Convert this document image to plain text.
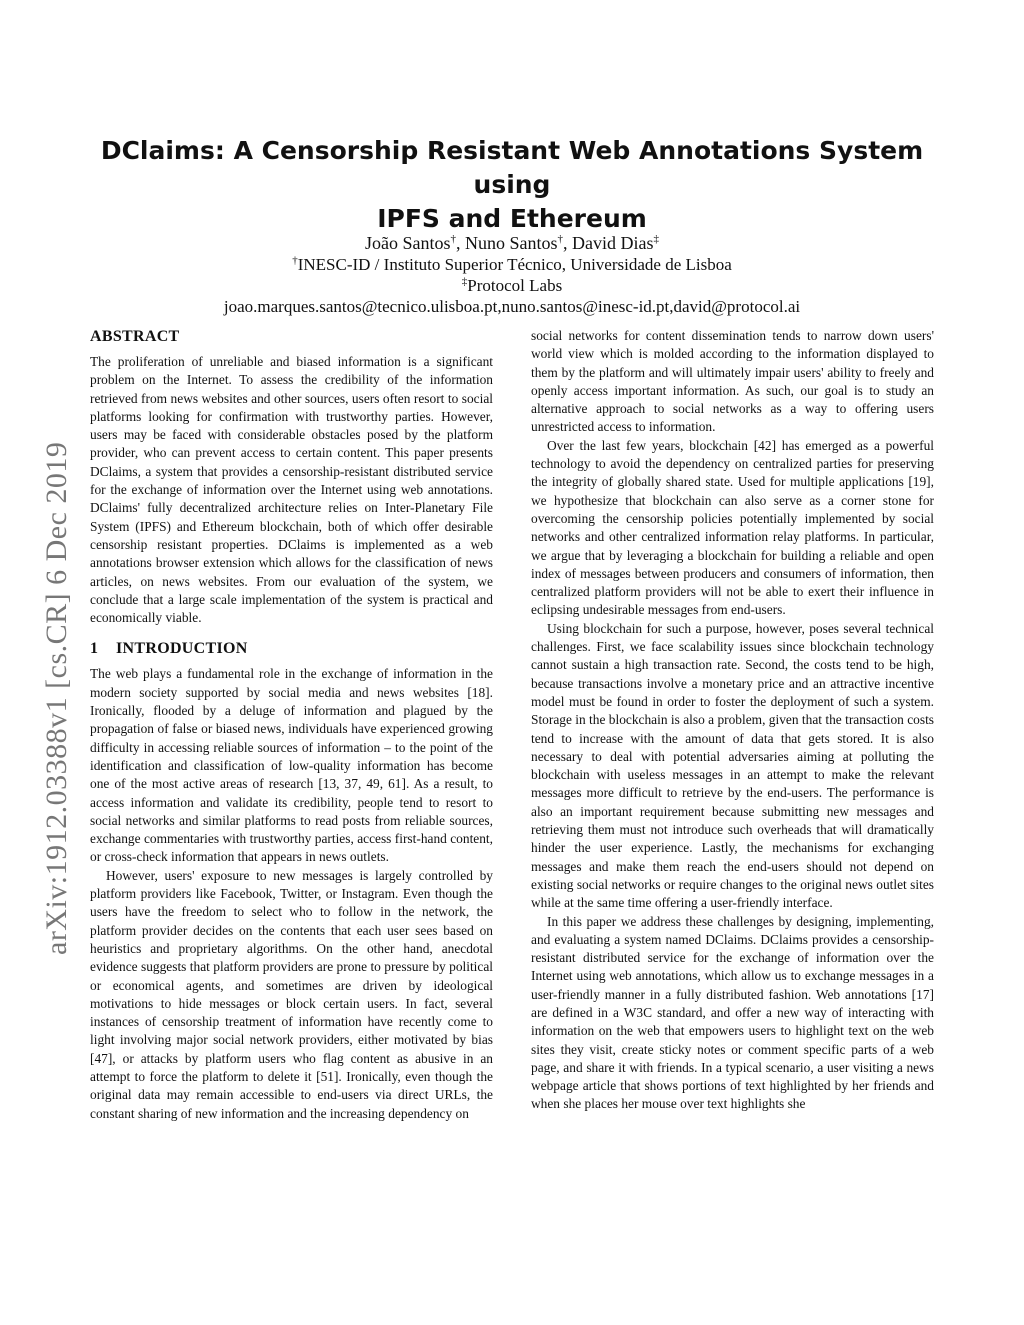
arXiv:1912.03388v1 [cs.CR] 6 Dec 2019
DClaims: A Censorship Resistant Web Annotations System using
IPFS and Ethereum
João Santos†, Nuno Santos†, David Dias‡
†INESC-ID / Instituto Superior Técnico, Universidade de Lisboa
‡Protocol Labs
joao.marques.santos@tecnico.ulisboa.pt,nuno.santos@inesc-id.pt,david@protocol.ai
ABSTRACT

The proliferation of unreliable and biased information is a significant problem on the Internet. To assess the credibility of the information retrieved from news websites and other sources, users often resort to social platforms looking for confirmation with trustworthy parties. However, users may be faced with considerable obstacles posed by the platform provider, who can prevent access to certain content. This paper presents DClaims, a system that provides a censorship-resistant distributed service for the exchange of information over the Internet using web annotations. DClaims' fully decentralized architecture relies on Inter-Planetary File System (IPFS) and Ethereum blockchain, both of which offer desirable censorship resistant properties. DClaims is implemented as a web annotations browser extension which allows for the classification of news articles, on news websites. From our evaluation of the system, we conclude that a large scale implementation of the system is practical and economically viable.

1 INTRODUCTION

The web plays a fundamental role in the exchange of information in the modern society supported by social media and news websites [18]. Ironically, flooded by a deluge of information and plagued by the propagation of false or biased news, individuals have experienced growing difficulty in accessing reliable sources of information – to the point of the identification and classification of low-quality information has become one of the most active areas of research [13, 37, 49, 61]. As a result, to access information and validate its credibility, people tend to resort to social networks and similar platforms to read posts from reliable sources, exchange commentaries with trustworthy parties, access first-hand content, or cross-check information that appears in news outlets.

However, users' exposure to new messages is largely controlled by platform providers like Facebook, Twitter, or Instagram. Even though the users have the freedom to select who to follow in the network, the platform provider decides on the contents that each user sees based on heuristics and proprietary algorithms. On the other hand, anecdotal evidence suggests that platform providers are prone to pressure by political or economical agents, and sometimes are driven by ideological motivations to hide messages or block certain users. In fact, several instances of censorship treatment of information have recently come to light involving major social network providers, either motivated by bias [47], or attacks by platform users who flag content as abusive in an attempt to force the platform to delete it [51]. Ironically, even though the original data may remain accessible to end-users via direct URLs, the constant sharing of new information and the increasing dependency on

social networks for content dissemination tends to narrow down users' world view which is molded according to the information displayed to them by the platform and will ultimately impair users' ability to freely and openly access important information. As such, our goal is to study an alternative approach to social networks as a way to offering users unrestricted access to information.

Over the last few years, blockchain [42] has emerged as a powerful technology to avoid the dependency on centralized parties for preserving the integrity of globally shared state. Used for multiple applications [19], we hypothesize that blockchain can also serve as a corner stone for overcoming the censorship policies potentially implemented by social networks and other centralized information relay platforms. In particular, we argue that by leveraging a blockchain for building a reliable and open index of messages between producers and consumers of information, then centralized platform providers will not be able to exert their influence in eclipsing undesirable messages from end-users.

Using blockchain for such a purpose, however, poses several technical challenges. First, we face scalability issues since blockchain technology cannot sustain a high transaction rate. Second, the costs tend to be high, because transactions involve a monetary price and an attractive incentive model must be found in order to foster the deployment of such a system. Storage in the blockchain is also a problem, given that the transaction costs tend to increase with the amount of data that gets stored. It is also necessary to deal with potential adversaries aiming at polluting the blockchain with useless messages in an attempt to make the relevant messages more difficult to retrieve by the end-users. The performance is also an important requirement because submitting new messages and retrieving them must not introduce such overheads that will dramatically hinder the user experience. Lastly, the mechanisms for exchanging messages and make them reach the end-users should not depend on existing social networks or require changes to the original news outlet sites while at the same time offering a user-friendly interface.

In this paper we address these challenges by designing, implementing, and evaluating a system named DClaims. DClaims provides a censorship-resistant distributed service for the exchange of information over the Internet using web annotations, which allow us to exchange messages in a user-friendly manner in a fully distributed fashion. Web annotations [17] are defined in a W3C standard, and offer a new way of interacting with information on the web that empowers users to highlight text on the web sites they visit, create sticky notes or comment specific parts of a web page, and share it with friends. In a typical scenario, a user visiting a news webpage article that shows portions of text highlighted by her friends and when she places her mouse over text highlights she
